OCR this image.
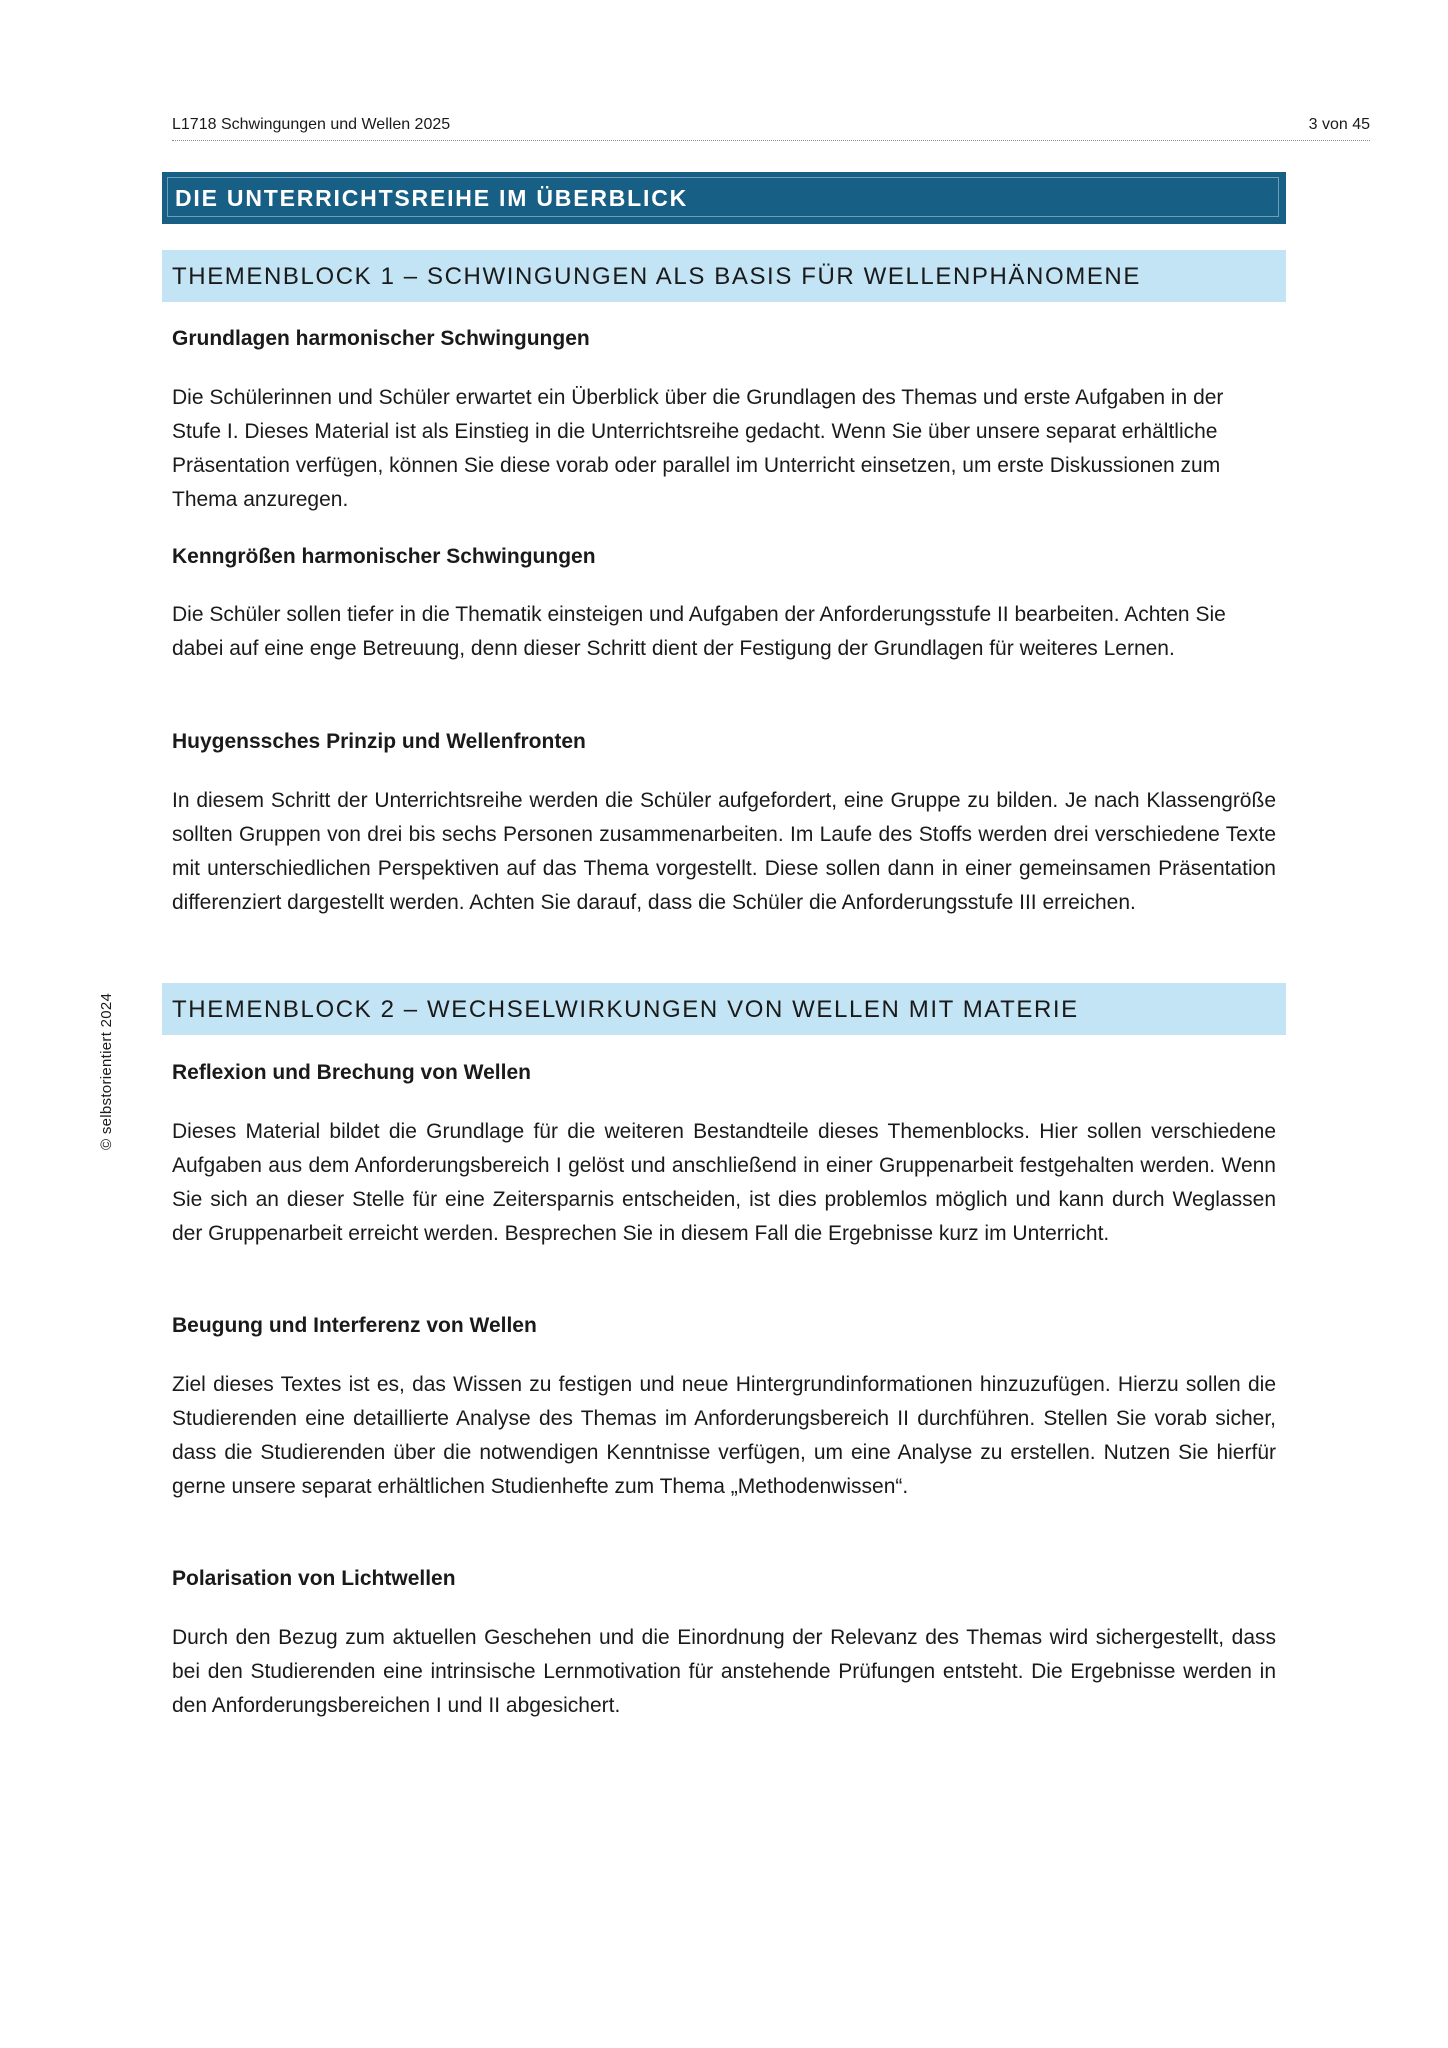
L1718 Schwingungen und Wellen 2025	3 von 45
© selbstorientiert 2024
DIE UNTERRICHTSREIHE IM ÜBERBLICK
THEMENBLOCK 1 – SCHWINGUNGEN ALS BASIS FÜR WELLENPHÄNOMENE
Grundlagen harmonischer Schwingungen

Die Schülerinnen und Schüler erwartet ein Überblick über die Grundlagen des Themas und erste Aufgaben in der Stufe I. Dieses Material ist als Einstieg in die Unterrichtsreihe gedacht. Wenn Sie über unsere separat erhältliche Präsentation verfügen, können Sie diese vorab oder parallel im Unterricht einsetzen, um erste Diskussionen zum Thema anzuregen.

Kenngrößen harmonischer Schwingungen

Die Schüler sollen tiefer in die Thematik einsteigen und Aufgaben der Anforderungsstufe II bearbeiten. Achten Sie dabei auf eine enge Betreuung, denn dieser Schritt dient der Festigung der Grundlagen für weiteres Lernen.

Huygenssches Prinzip und Wellenfronten

In diesem Schritt der Unterrichtsreihe werden die Schüler aufgefordert, eine Gruppe zu bilden. Je nach Klassengröße sollten Gruppen von drei bis sechs Personen zusammenarbeiten. Im Laufe des Stoffs werden drei verschiedene Texte mit unterschiedlichen Perspektiven auf das Thema vorgestellt. Diese sollen dann in einer gemeinsamen Präsentation differenziert dargestellt werden. Achten Sie darauf, dass die Schüler die Anforderungsstufe III erreichen.

THEMENBLOCK 2 – WECHSELWIRKUNGEN VON WELLEN MIT MATERIE
Reflexion und Brechung von Wellen

Dieses Material bildet die Grundlage für die weiteren Bestandteile dieses Themenblocks. Hier sollen verschiedene Aufgaben aus dem Anforderungsbereich I gelöst und anschließend in einer Gruppenarbeit festgehalten werden. Wenn Sie sich an dieser Stelle für eine Zeitersparnis entscheiden, ist dies problemlos möglich und kann durch Weglassen der Gruppenarbeit erreicht werden. Besprechen Sie in diesem Fall die Ergebnisse kurz im Unterricht.

Beugung und Interferenz von Wellen

Ziel dieses Textes ist es, das Wissen zu festigen und neue Hintergrundinformationen hinzuzufügen. Hierzu sollen die Studierenden eine detaillierte Analyse des Themas im Anforderungsbereich II durchführen. Stellen Sie vorab sicher, dass die Studierenden über die notwendigen Kenntnisse verfügen, um eine Analyse zu erstellen. Nutzen Sie hierfür gerne unsere separat erhältlichen Studienhefte zum Thema „Methodenwissen“.

Polarisation von Lichtwellen

Durch den Bezug zum aktuellen Geschehen und die Einordnung der Relevanz des Themas wird sichergestellt, dass bei den Studierenden eine intrinsische Lernmotivation für anstehende Prüfungen entsteht. Die Ergebnisse werden in den Anforderungsbereichen I und II abgesichert.
